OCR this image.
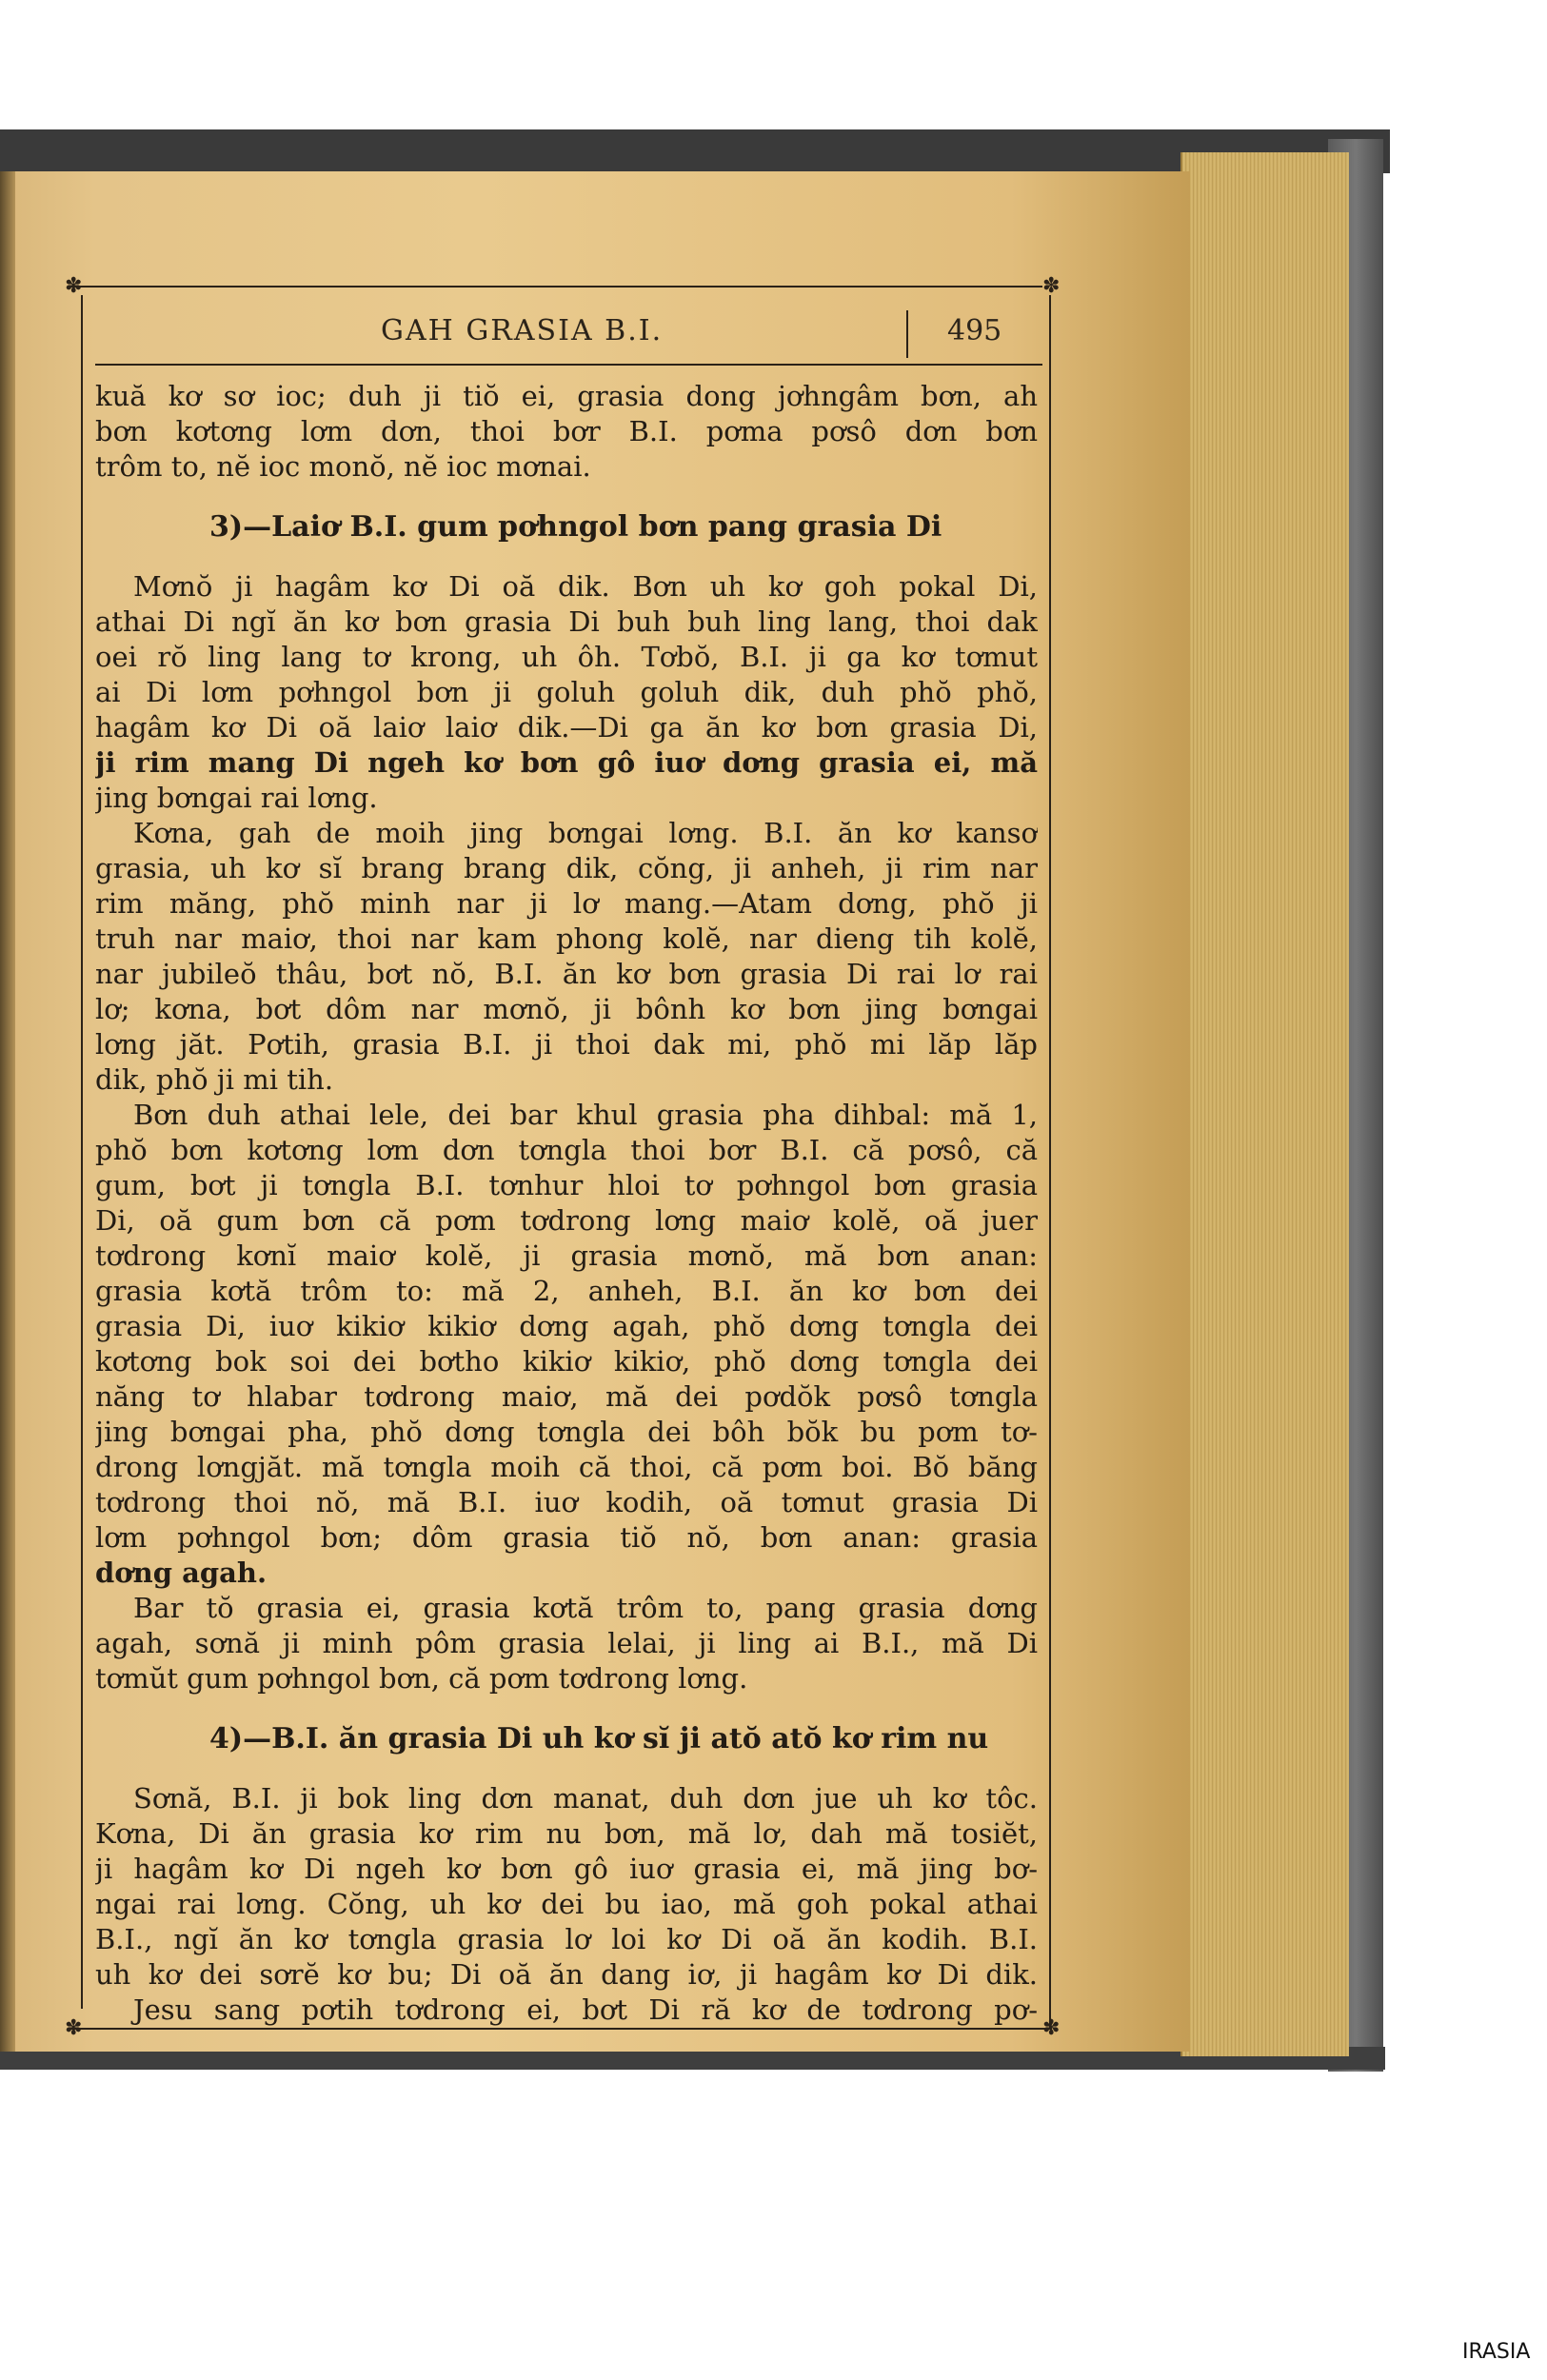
✽	✽
✽	✽
GAH GRASIA B.I.	495
kuă kơ sơ ioc; duh ji tiŏ ei, grasia dong jơhngâm bơn, ah
bơn kơtơng lơm dơn, thoi bơr B.I. pơma pơsô dơn bơn
trôm to, nĕ ioc monŏ, nĕ ioc mơnai.
3)—Laiơ B.I. gum pơhngol bơn pang grasia Di
Mơnŏ ji hagâm kơ Di oă dik. Bơn uh kơ goh pokal Di,
athai Di ngĭ ăn kơ bơn grasia Di buh buh ling lang, thoi dak
oei rŏ ling lang tơ krong, uh ôh. Tơbŏ, B.I. ji ga kơ tơmut
ai Di lơm pơhngol bơn ji goluh goluh dik, duh phŏ phŏ,
hagâm kơ Di oă laiơ laiơ dik.—Di ga ăn kơ bơn grasia Di,
ji rim mang Di ngeh kơ bơn gô iuơ dơng grasia ei, mă
jing bơngai rai lơng.
Kơna, gah de moih jing bơngai lơng. B.I. ăn kơ kansơ
grasia, uh kơ sĭ brang brang dik, cŏng, ji anheh, ji rim nar
rim măng, phŏ minh nar ji lơ mang.—Atam dơng, phŏ ji
truh nar maiơ, thoi nar kam phong kolĕ, nar dieng tih kolĕ,
nar jubileŏ thâu, bơt nŏ, B.I. ăn kơ bơn grasia Di rai lơ rai
lơ; kơna, bơt dôm nar mơnŏ, ji bônh kơ bơn jing bơngai
lơng jăt. Pơtih, grasia B.I. ji thoi dak mi, phŏ mi lăp lăp
dik, phŏ ji mi tih.
Bơn duh athai lele, dei bar khul grasia pha dihbal: mă 1,
phŏ bơn kơtơng lơm dơn tơngla thoi bơr B.I. că pơsô, că
gum, bơt ji tơngla B.I. tơnhur hloi tơ pơhngol bơn grasia
Di, oă gum bơn că pơm tơdrong lơng maiơ kolĕ, oă juer
tơdrong kơnĭ maiơ kolĕ, ji grasia mơnŏ, mă bơn anan:
grasia kơtă trôm to: mă 2, anheh, B.I. ăn kơ bơn dei
grasia Di, iuơ kikiơ kikiơ dơng agah, phŏ dơng tơngla dei
kơtơng bok soi dei bơtho kikiơ kikiơ, phŏ dơng tơngla dei
năng tơ hlabar tơdrong maiơ, mă dei pơdŏk pơsô tơngla
jing bơngai pha, phŏ dơng tơngla dei bôh bŏk bu pơm tơ-
drong lơngjăt. mă tơngla moih că thoi, că pơm boi. Bŏ băng
tơdrong thoi nŏ, mă B.I. iuơ kodih, oă tơmut grasia Di
lơm pơhngol bơn; dôm grasia tiŏ nŏ, bơn anan: grasia
dơng agah.
Bar tŏ grasia ei, grasia kơtă trôm to, pang grasia dơng
agah, sơnă ji minh pôm grasia lelai, ji ling ai B.I., mă Di
tơmŭt gum pơhngol bơn, că pơm tơdrong lơng.
4)—B.I. ăn grasia Di uh kơ sĭ ji atŏ atŏ kơ rim nu
Sơnă, B.I. ji bok ling dơn manat, duh dơn jue uh kơ tôc.
Kơna, Di ăn grasia kơ rim nu bơn, mă lơ, dah mă tosiĕt,
ji hagâm kơ Di ngeh kơ bơn gô iuơ grasia ei, mă jing bơ-
ngai rai lơng. Cŏng, uh kơ dei bu iao, mă goh pokal athai
B.I., ngĭ ăn kơ tơngla grasia lơ loi kơ Di oă ăn kodih. B.I.
uh kơ dei sơrĕ kơ bu; Di oă ăn dang iơ, ji hagâm kơ Di dik.
Jesu sang pơtih tơdrong ei, bơt Di ră kơ de tơdrong pơ-
IRASIA
